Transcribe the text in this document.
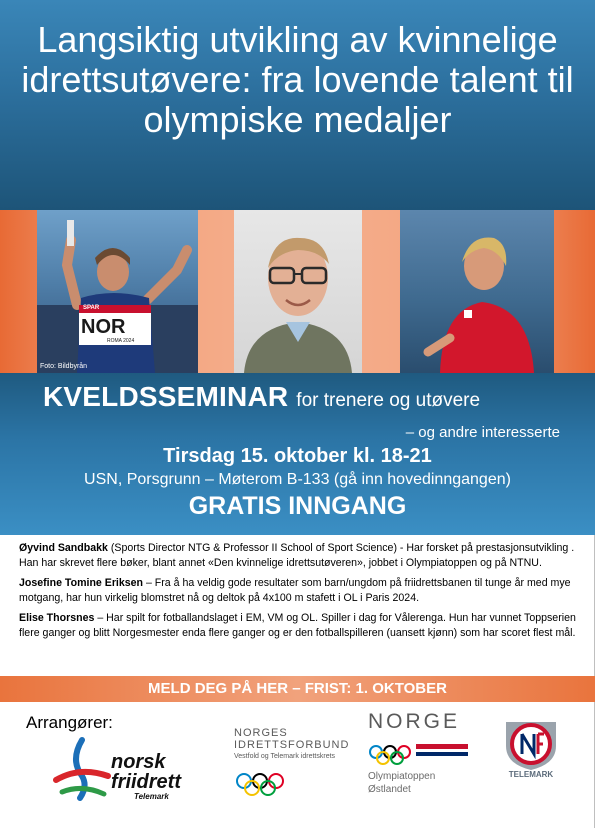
Langsiktig utvikling av kvinnelige idrettsutøvere: fra lovende talent til olympiske medaljer
NOR
ROMA 2024
SPAR
Foto: Bildbyrån
KVELDSSEMINAR for trenere og utøvere
– og andre interesserte
Tirsdag 15. oktober kl. 18-21
USN, Porsgrunn – Møterom B-133 (gå inn hovedinngangen)
GRATIS INNGANG

Øyvind Sandbakk (Sports Director NTG & Professor II School of Sport Science) - Har forsket på prestasjonsutvikling . Han har skrevet flere bøker, blant annet «Den kvinnelige idrettsutøveren», jobbet i Olympiatoppen og på NTNU.

Josefine Tomine Eriksen – Fra å ha veldig gode resultater som barn/ungdom på friidrettsbanen til tunge år med mye motgang, har hun virkelig blomstret nå og deltok på 4x100 m stafett i OL i Paris 2024.

Elise Thorsnes – Har spilt for fotballandslaget i EM, VM og OL. Spiller i dag for Vålerenga. Hun har vunnet Toppserien flere ganger og blitt Norgesmester enda flere ganger og er den fotballspilleren (uansett kjønn) som har scoret flest mål.

MELD DEG PÅ HER – FRIST: 1. OKTOBER
Arrangører:
norsk friidrett
Telemark
NORGES IDRETTSFORBUND
Vestfold og Telemark idrettskrets
NORGE
Olympiatoppen
Østlandet
TELEMARK
